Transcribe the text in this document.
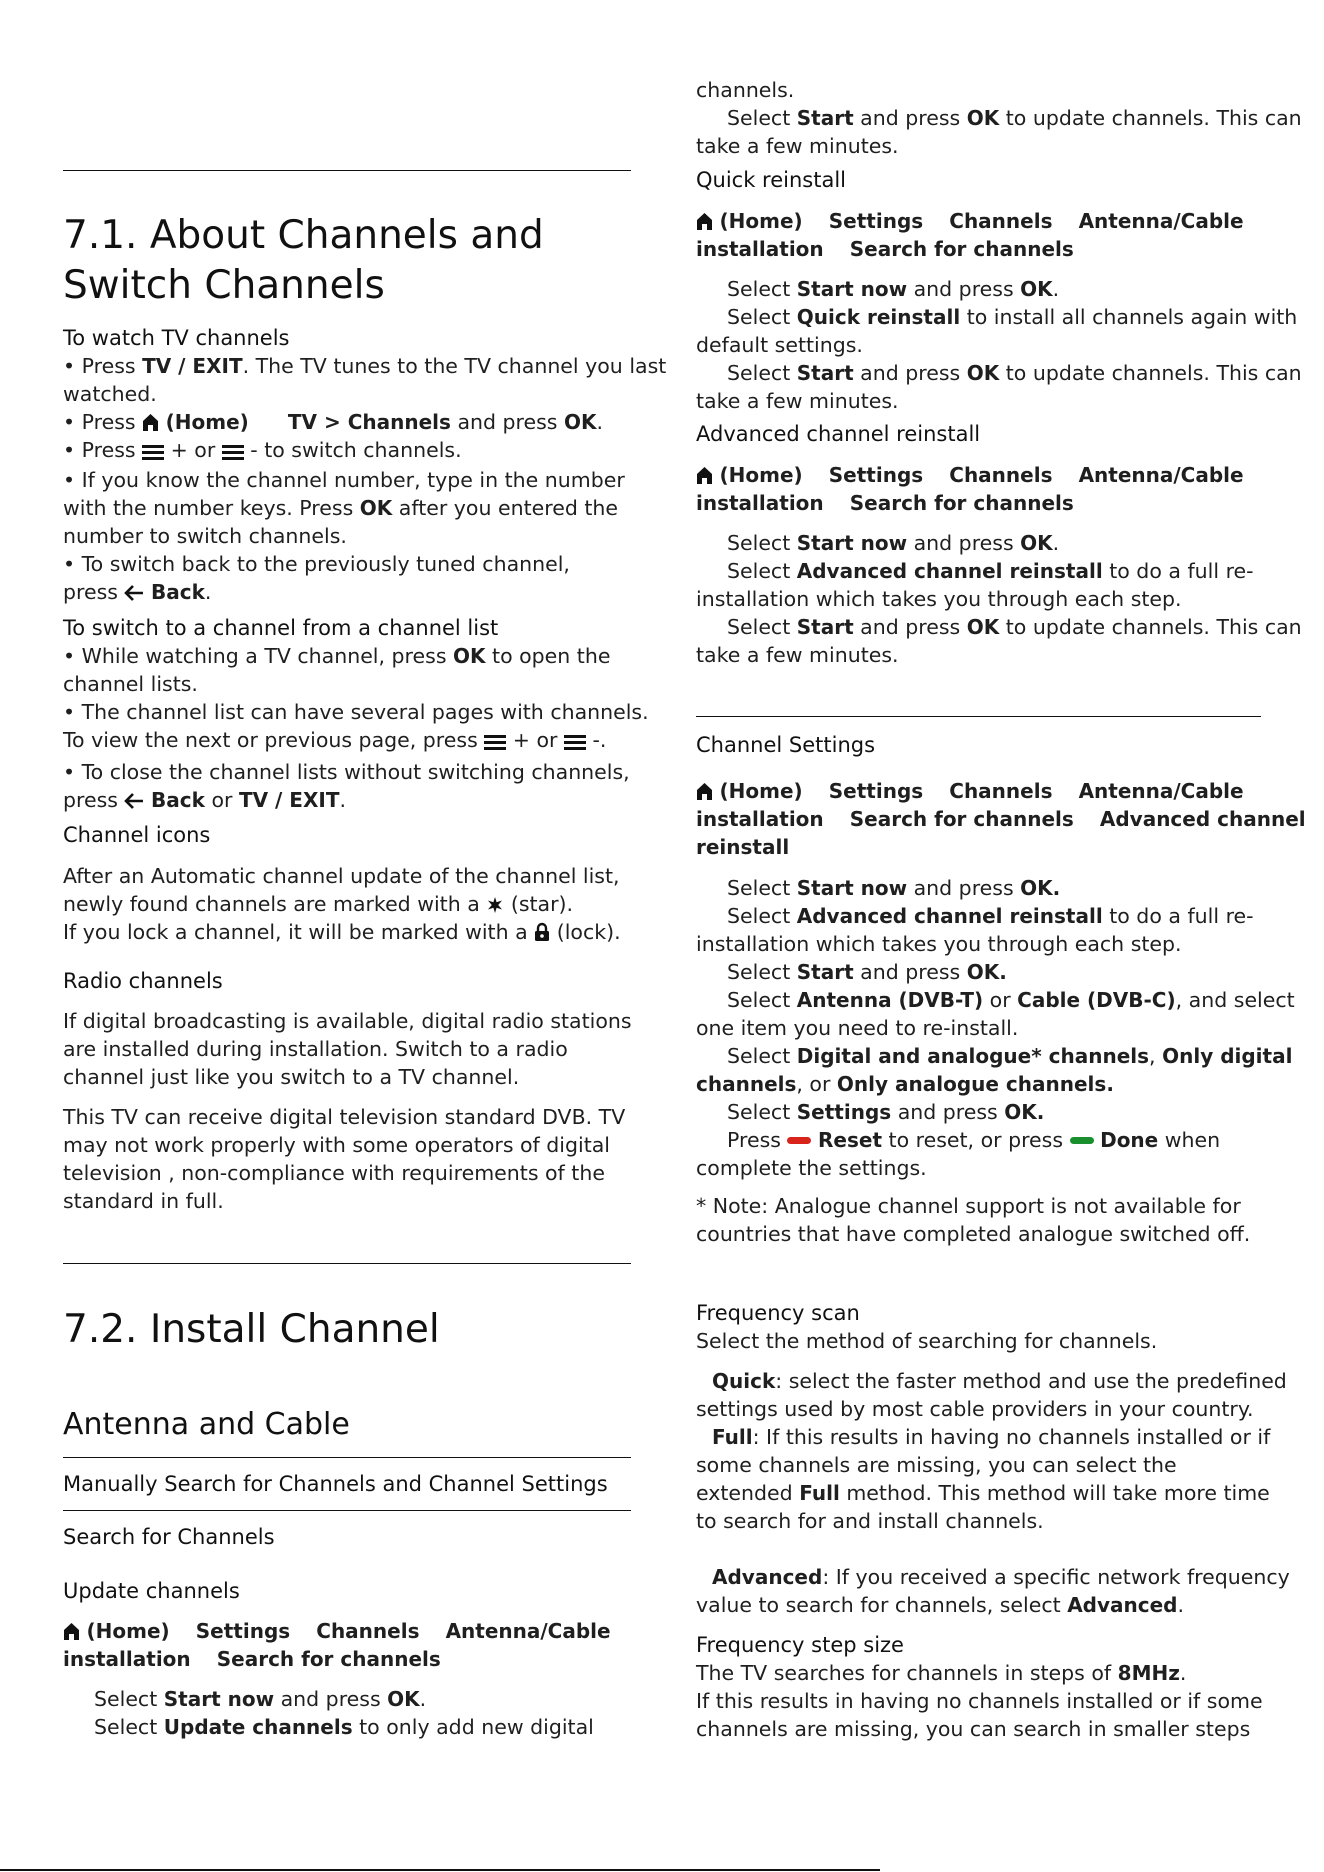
7.1. About Channels and
Switch Channels
To watch TV channels

• Press TV / EXIT. The TV tunes to the TV channel you last

watched.

• Press  (Home) TV > Channels and press OK.

• Press  + or  - to switch channels.

• If you know the channel number, type in the number

with the number keys. Press OK after you entered the

number to switch channels.

• To switch back to the previously tuned channel,

press  Back.

To switch to a channel from a channel list

• While watching a TV channel, press OK to open the

channel lists.

• The channel list can have several pages with channels.

To view the next or previous page, press  + or  -.

• To close the channel lists without switching channels,

press  Back or TV / EXIT.

Channel icons

After an Automatic channel update of the channel list,

newly found channels are marked with a  (star).

If you lock a channel, it will be marked with a  (lock).

Radio channels

If digital broadcasting is available, digital radio stations

are installed during installation. Switch to a radio

channel just like you switch to a TV channel.

This TV can receive digital television standard DVB. TV

may not work properly with some operators of digital

television , non-compliance with requirements of the

standard in full.

7.2. Install Channel
Antenna and Cable
Manually Search for Channels and Channel Settings
Search for Channels
Update channels

(Home) Settings Channels Antenna/Cable

installation Search for channels

Select Start now and press OK.

Select Update channels to only add new digital

channels.

Select Start and press OK to update channels. This can

take a few minutes.

Quick reinstall

(Home) Settings Channels Antenna/Cable

installation Search for channels

Select Start now and press OK.

Select Quick reinstall to install all channels again with

default settings.

Select Start and press OK to update channels. This can

take a few minutes.

Advanced channel reinstall

(Home) Settings Channels Antenna/Cable

installation Search for channels

Select Start now and press OK.

Select Advanced channel reinstall to do a full re-

installation which takes you through each step.

Select Start and press OK to update channels. This can

take a few minutes.

Channel Settings

(Home) Settings Channels Antenna/Cable

installation Search for channels Advanced channel

reinstall

Select Start now and press OK.

Select Advanced channel reinstall to do a full re-

installation which takes you through each step.

Select Start and press OK.

Select Antenna (DVB-T) or Cable (DVB-C), and select

one item you need to re-install.

Select Digital and analogue* channels, Only digital

channels, or Only analogue channels.

Select Settings and press OK.

Press  Reset to reset, or press  Done when

complete the settings.

* Note: Analogue channel support is not available for

countries that have completed analogue switched off.

Frequency scan

Select the method of searching for channels.

Quick: select the faster method and use the predefined

settings used by most cable providers in your country.

Full: If this results in having no channels installed or if

some channels are missing, you can select the

extended Full method. This method will take more time

to search for and install channels.

Advanced: If you received a specific network frequency

value to search for channels, select Advanced.

Frequency step size

The TV searches for channels in steps of 8MHz.

If this results in having no channels installed or if some

channels are missing, you can search in smaller steps
